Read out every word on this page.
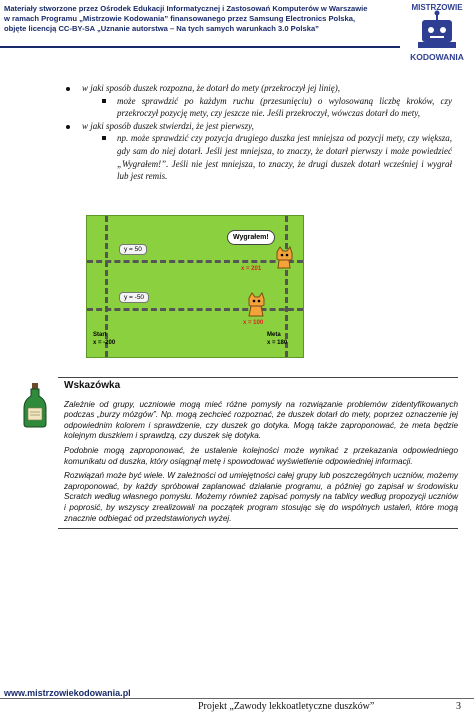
Materiały stworzone przez Ośrodek Edukacji Informatycznej i Zastosowań Komputerów w Warszawie
w ramach Programu „Mistrzowie Kodowania” finansowanego przez Samsung Electronics Polska,
objęte licencją CC-BY-SA „Uznanie autorstwa – Na tych samych warunkach 3.0 Polska”
MISTRZOWIE
KODOWANIA
w jaki sposób duszek rozpozna, że dotarł do mety (przekroczył jej linię),
może sprawdzić po każdym ruchu (przesunięciu) o wylosowaną liczbę kroków, czy przekroczył pozycję mety, czy jeszcze nie. Jeśli przekroczył, wówczas dotarł do mety,
w jaki sposób duszek stwierdzi, że jest pierwszy,
np. może sprawdzić czy pozycja drugiego duszka jest mniejsza od pozycji mety, czy większa, gdy sam do niej dotarł. Jeśli jest mniejsza, to znaczy, że dotarł pierwszy i może powiedzieć „Wygrałem!”. Jeśli nie jest mniejsza, to znaczy, że drugi duszek dotarł wcześniej i wygrał lub jest remis.
y = 50
y = -50
Wygrałem!
x = 201
x = 100
Start
x = -200
Meta
x = 180
Wskazówka

Zależnie od grupy, uczniowie mogą mieć różne pomysły na rozwiązanie problemów zidentyfikowanych podczas „burzy mózgów”. Np. mogą zechcieć rozpoznać, że duszek dotarł do mety, poprzez oznaczenie jej odpowiednim kolorem i sprawdzenie, czy duszek go dotyka. Mogą także zaproponować, że meta będzie kolejnym duszkiem i sprawdzą, czy duszek się dotyka.

Podobnie mogą zaproponować, że ustalenie kolejności może wynikać z przekazania odpowiedniego komunikatu od duszka, który osiągnął metę i spowodować wyświetlenie odpowiedniej informacji.

Rozwiązań może być wiele. W zależności od umiejętności całej grupy lub poszczególnych uczniów, możemy zaproponować, by każdy spróbował zaplanować działanie programu, a później go zapisał w środowisku Scratch według własnego pomysłu. Możemy również zapisać pomysły na tablicy według propozycji uczniów i poprosić, by wszyscy zrealizowali na początek program stosując się do wspólnych ustaleń, które mogą znacznie odbiegać od przedstawionych wyżej.

www.mistrzowiekodowania.pl
Projekt „Zawody lekkoatletyczne duszków”	3
